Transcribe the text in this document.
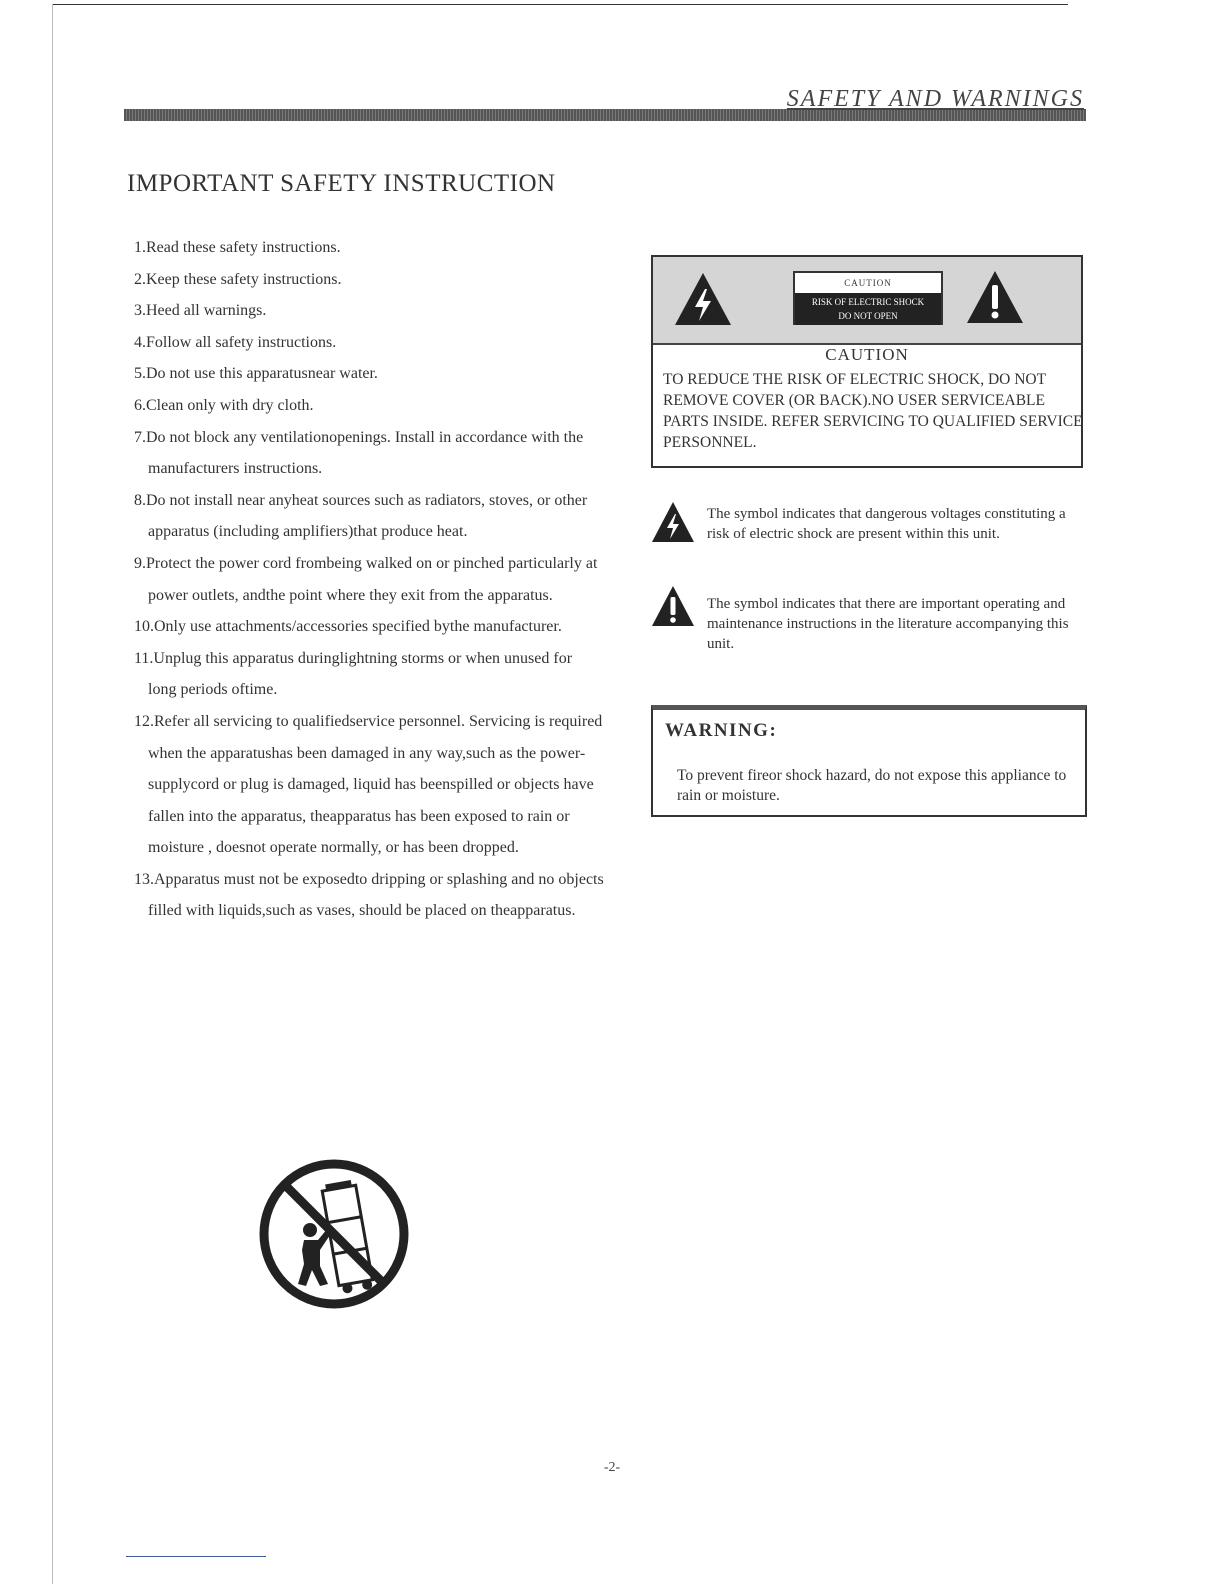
SAFETY AND WARNINGS
IMPORTANT SAFETY INSTRUCTION
1.Read these safety instructions.
2.Keep these safety instructions.
3.Heed all warnings.
4.Follow all safety instructions.
5.Do not use this apparatusnear water.
6.Clean only with dry cloth.
7.Do not block any ventilationopenings. Install in accordance with the manufacturers instructions.
8.Do not install near anyheat sources such as radiators, stoves, or other apparatus (including amplifiers)that produce heat.
9.Protect the power cord frombeing walked on or pinched particularly at power outlets, andthe point where they exit from the apparatus.
10.Only use attachments/accessories specified bythe manufacturer.
11.Unplug this apparatus duringlightning storms or when unused for long periods oftime.
12.Refer all servicing to qualifiedservice personnel. Servicing is required when the apparatushas been damaged in any way,such as the power-supplycord or plug is damaged, liquid has beenspilled or objects have fallen into the apparatus, theapparatus has been exposed to rain or moisture , doesnot operate normally, or has been dropped.
13.Apparatus must not be exposedto dripping or splashing and no objects filled with liquids,such as vases, should be placed on theapparatus.
CAUTION
RISK OF ELECTRIC SHOCK
DO NOT OPEN
CAUTION
TO REDUCE THE RISK OF ELECTRIC SHOCK, DO NOT REMOVE COVER (OR BACK).NO USER SERVICEABLE PARTS INSIDE. REFER SERVICING TO QUALIFIED SERVICE PERSONNEL.
The symbol indicates that dangerous voltages constituting a risk of electric shock are present within this unit.
The symbol indicates that there are important operating and maintenance instructions in the literature accompanying this unit.
WARNING:
To prevent fireor shock hazard, do not expose this appliance to rain or moisture.
-2-
